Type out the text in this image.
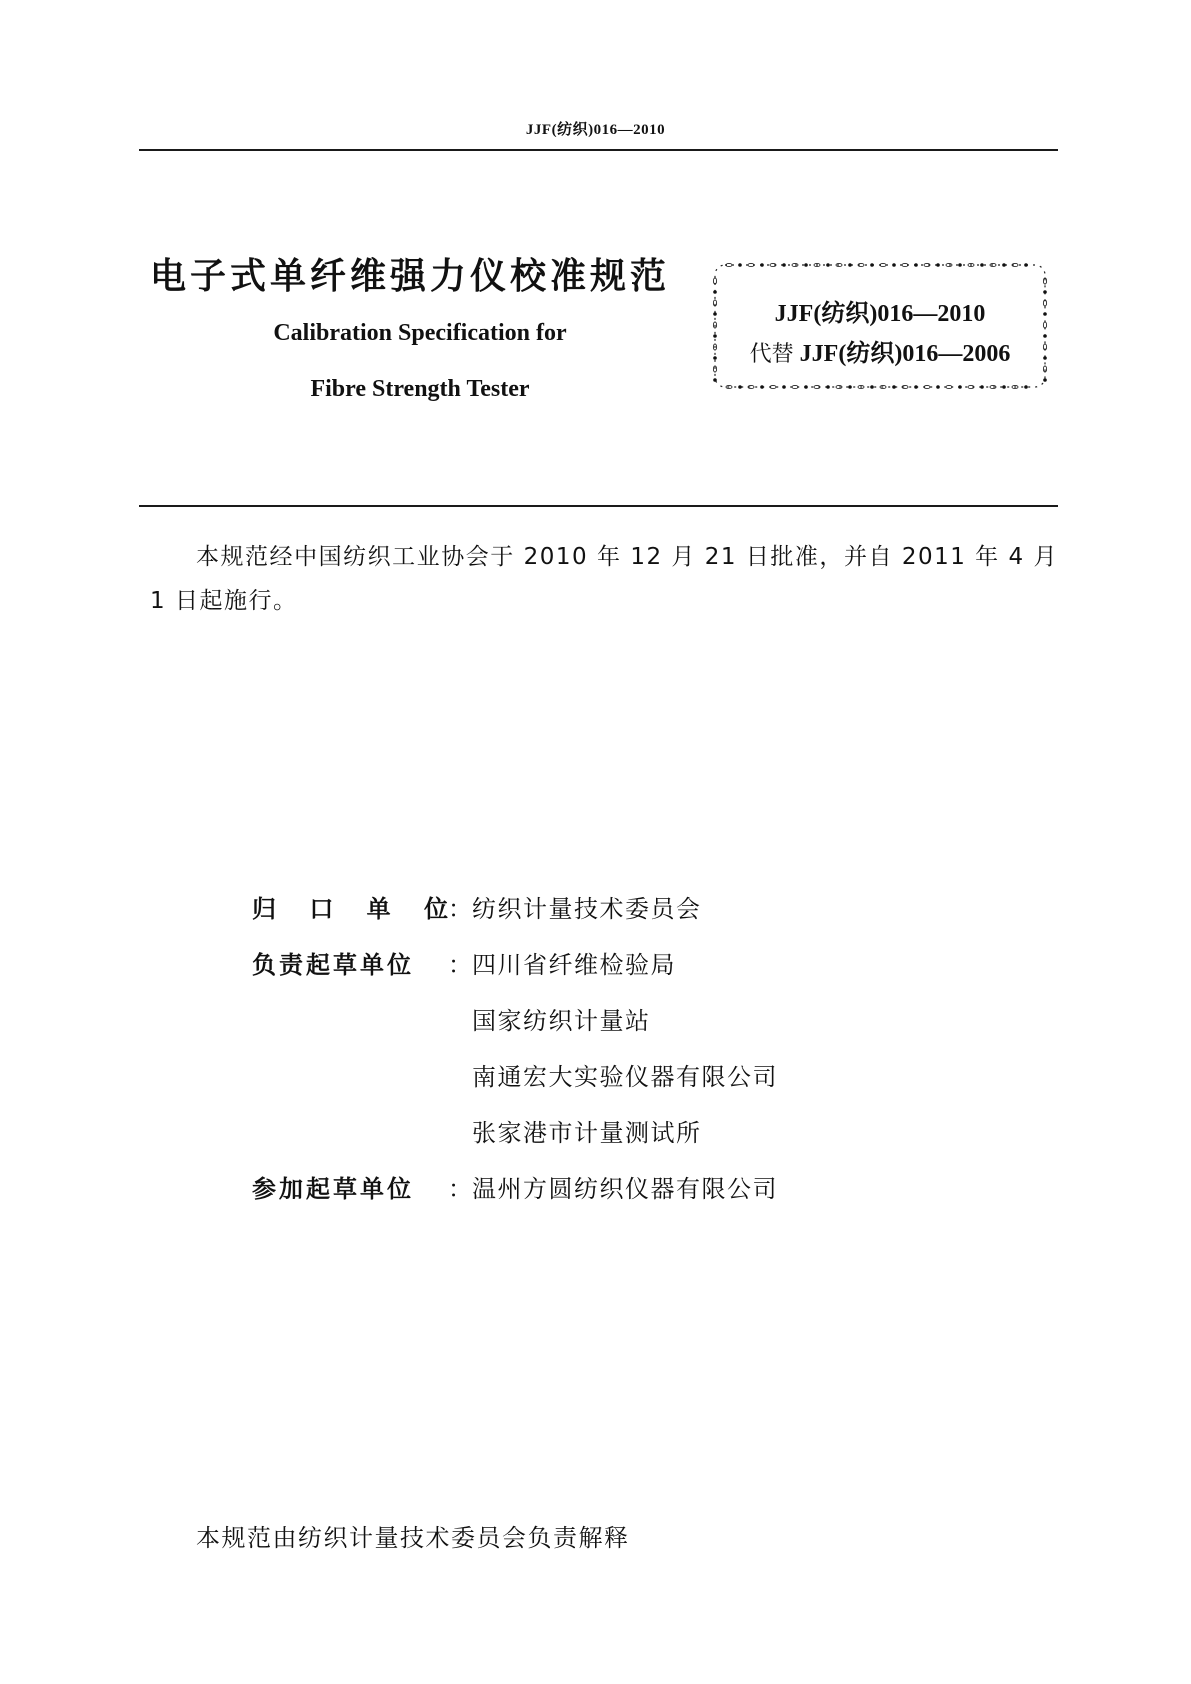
JJF(纺织)016—2010
电子式单纤维强力仪校准规范
Calibration Specification for
Fibre Strength Tester
JJF(纺织)016—2010
代替 JJF(纺织)016—2006
本规范经中国纺织工业协会于 2010 年 12 月 21 日批准，并自 2011 年 4 月 1 日起施行。
归 口 单 位 ： 纺织计量技术委员会
负责起草单位	： 四川省纤维检验局
国家纺织计量站
南通宏大实验仪器有限公司
张家港市计量测试所
参加起草单位	： 温州方圆纺织仪器有限公司
本规范由纺织计量技术委员会负责解释
